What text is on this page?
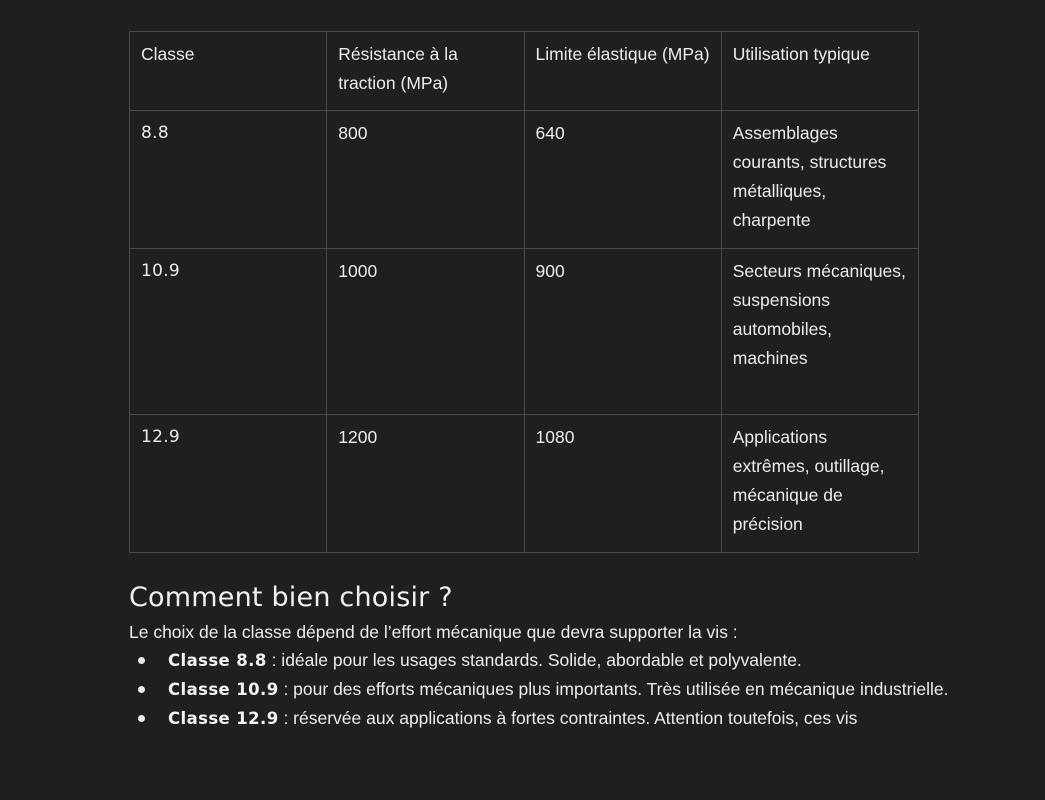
Classe	Résistance à la traction (MPa)	Limite élastique (MPa)	Utilisation typique
8.8	800	640	Assemblages courants, structures métalliques, charpente
10.9	1000	900	Secteurs mécaniques, suspensions automobiles, machines
12.9	1200	1080	Applications extrêmes, outillage, mécanique de précision
Comment bien choisir ?

Le choix de la classe dépend de l’effort mécanique que devra supporter la vis :

Classe 8.8 : idéale pour les usages standards. Solide, abordable et polyvalente.
Classe 10.9 : pour des efforts mécaniques plus importants. Très utilisée en mécanique industrielle.
Classe 12.9 : réservée aux applications à fortes contraintes. Attention toutefois, ces vis
